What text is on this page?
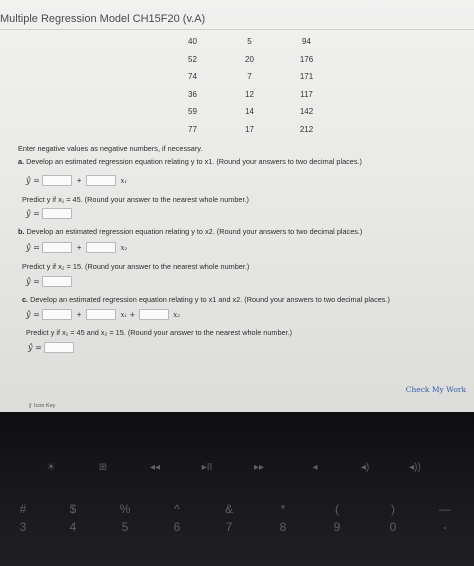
Multiple Regression Model CH15F20 (v.A)
40	5	94
52	20	176
74	7	171
36	12	117
59	14	142
77	17	212
Enter negative values as negative numbers, if necessary.
a. Develop an estimated regression equation relating y to x1. (Round your answers to two decimal places.)
ŷ =	+	x₁
Predict y if x₁ = 45. (Round your answer to the nearest whole number.)
ŷ =
b. Develop an estimated regression equation relating y to x2. (Round your answers to two decimal places.)
ŷ =	+	x₂
Predict y if x₂ = 15. (Round your answer to the nearest whole number.)
ŷ =
c. Develop an estimated regression equation relating y to x1 and x2. (Round your answers to two decimal places.)
ŷ =	+	x₁ +	x₂
Predict y if x₁ = 45 and x₂ = 15. (Round your answer to the nearest whole number.)
ŷ =
Check My Work
⚷ Icon Key
☀	⊞	◂◂	▸II	▸▸	◂	◂)	◂))
#
3
$
4
%
5
^
6
&
7
*
8
(
9
)
0
—
-
